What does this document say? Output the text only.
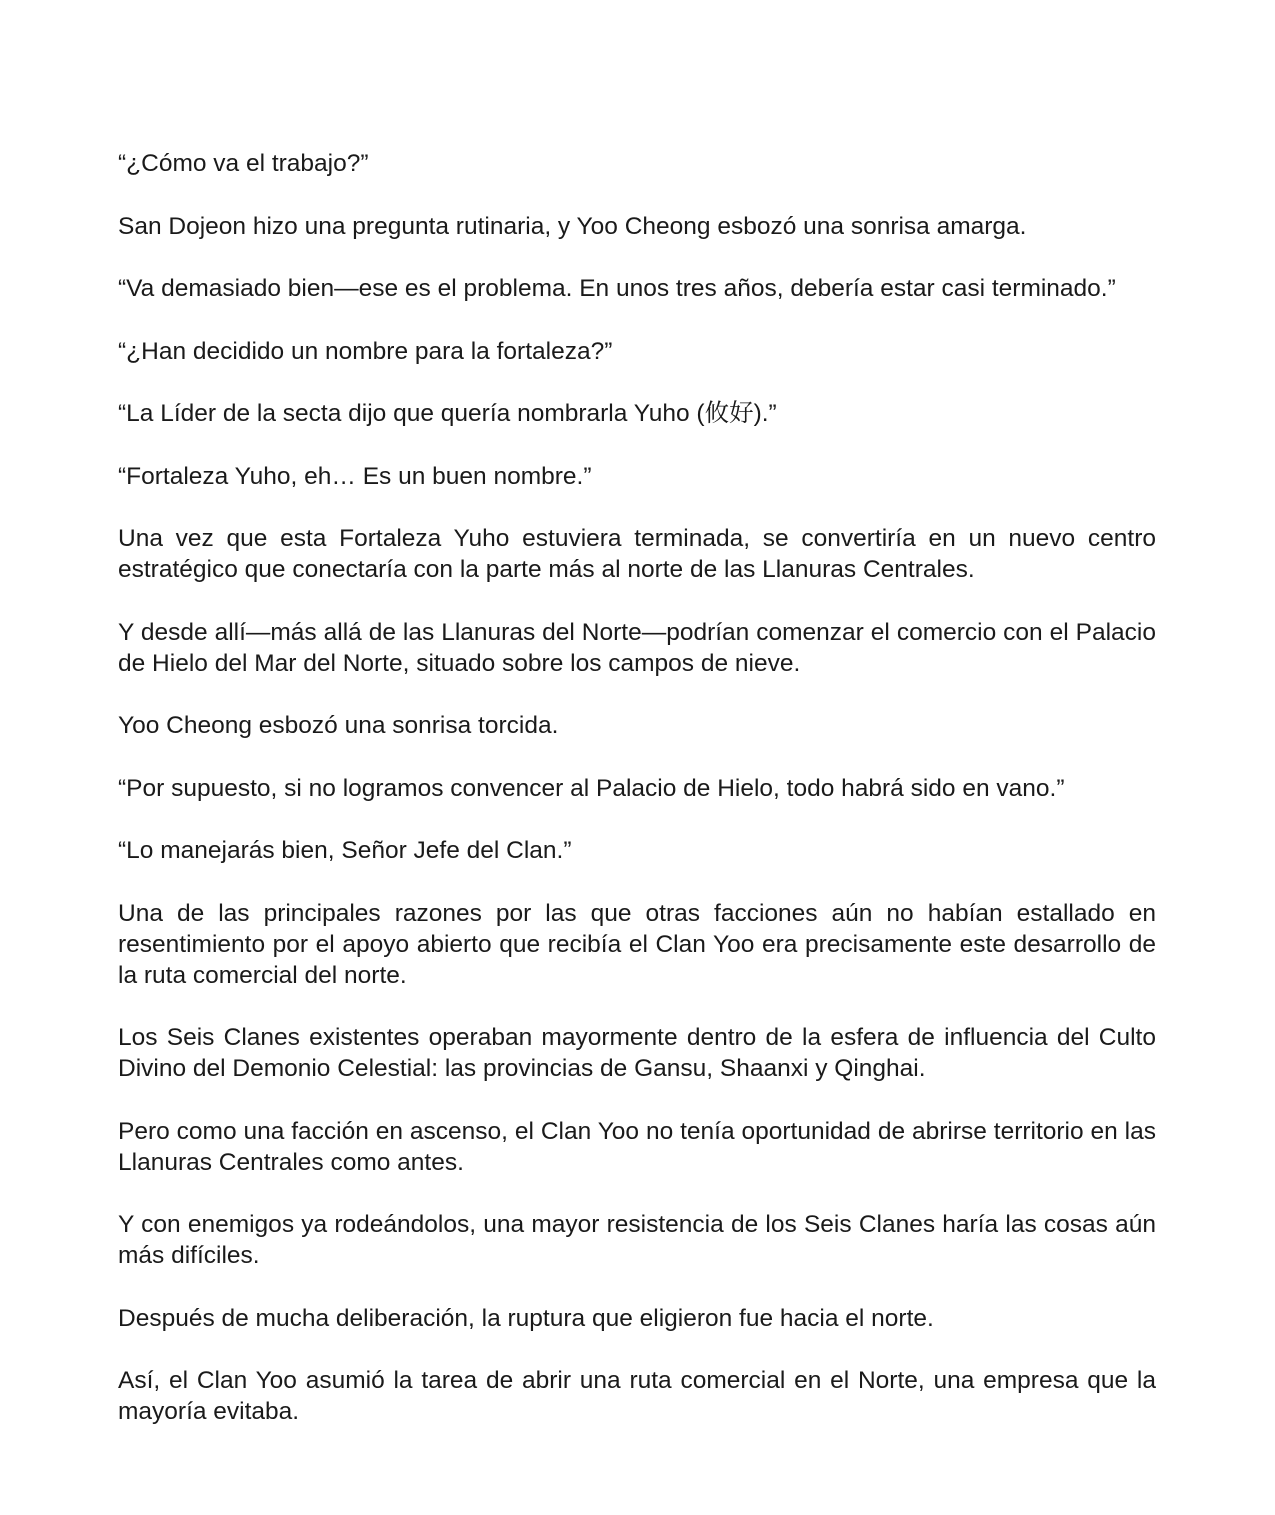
“¿Cómo va el trabajo?”

San Dojeon hizo una pregunta rutinaria, y Yoo Cheong esbozó una sonrisa amarga.

“Va demasiado bien—ese es el problema. En unos tres años, debería estar casi terminado.”

“¿Han decidido un nombre para la fortaleza?”

“La Líder de la secta dijo que quería nombrarla Yuho (攸好).”

“Fortaleza Yuho, eh… Es un buen nombre.”

Una vez que esta Fortaleza Yuho estuviera terminada, se convertiría en un nuevo centro estratégico que conectaría con la parte más al norte de las Llanuras Centrales.

Y desde allí—más allá de las Llanuras del Norte—podrían comenzar el comercio con el Palacio de Hielo del Mar del Norte, situado sobre los campos de nieve.

Yoo Cheong esbozó una sonrisa torcida.

“Por supuesto, si no logramos convencer al Palacio de Hielo, todo habrá sido en vano.”

“Lo manejarás bien, Señor Jefe del Clan.”

Una de las principales razones por las que otras facciones aún no habían estallado en resentimiento por el apoyo abierto que recibía el Clan Yoo era precisamente este desarrollo de la ruta comercial del norte.

Los Seis Clanes existentes operaban mayormente dentro de la esfera de influencia del Culto Divino del Demonio Celestial: las provincias de Gansu, Shaanxi y Qinghai.

Pero como una facción en ascenso, el Clan Yoo no tenía oportunidad de abrirse territorio en las Llanuras Centrales como antes.

Y con enemigos ya rodeándolos, una mayor resistencia de los Seis Clanes haría las cosas aún más difíciles.

Después de mucha deliberación, la ruptura que eligieron fue hacia el norte.

Así, el Clan Yoo asumió la tarea de abrir una ruta comercial en el Norte, una empresa que la mayoría evitaba.
